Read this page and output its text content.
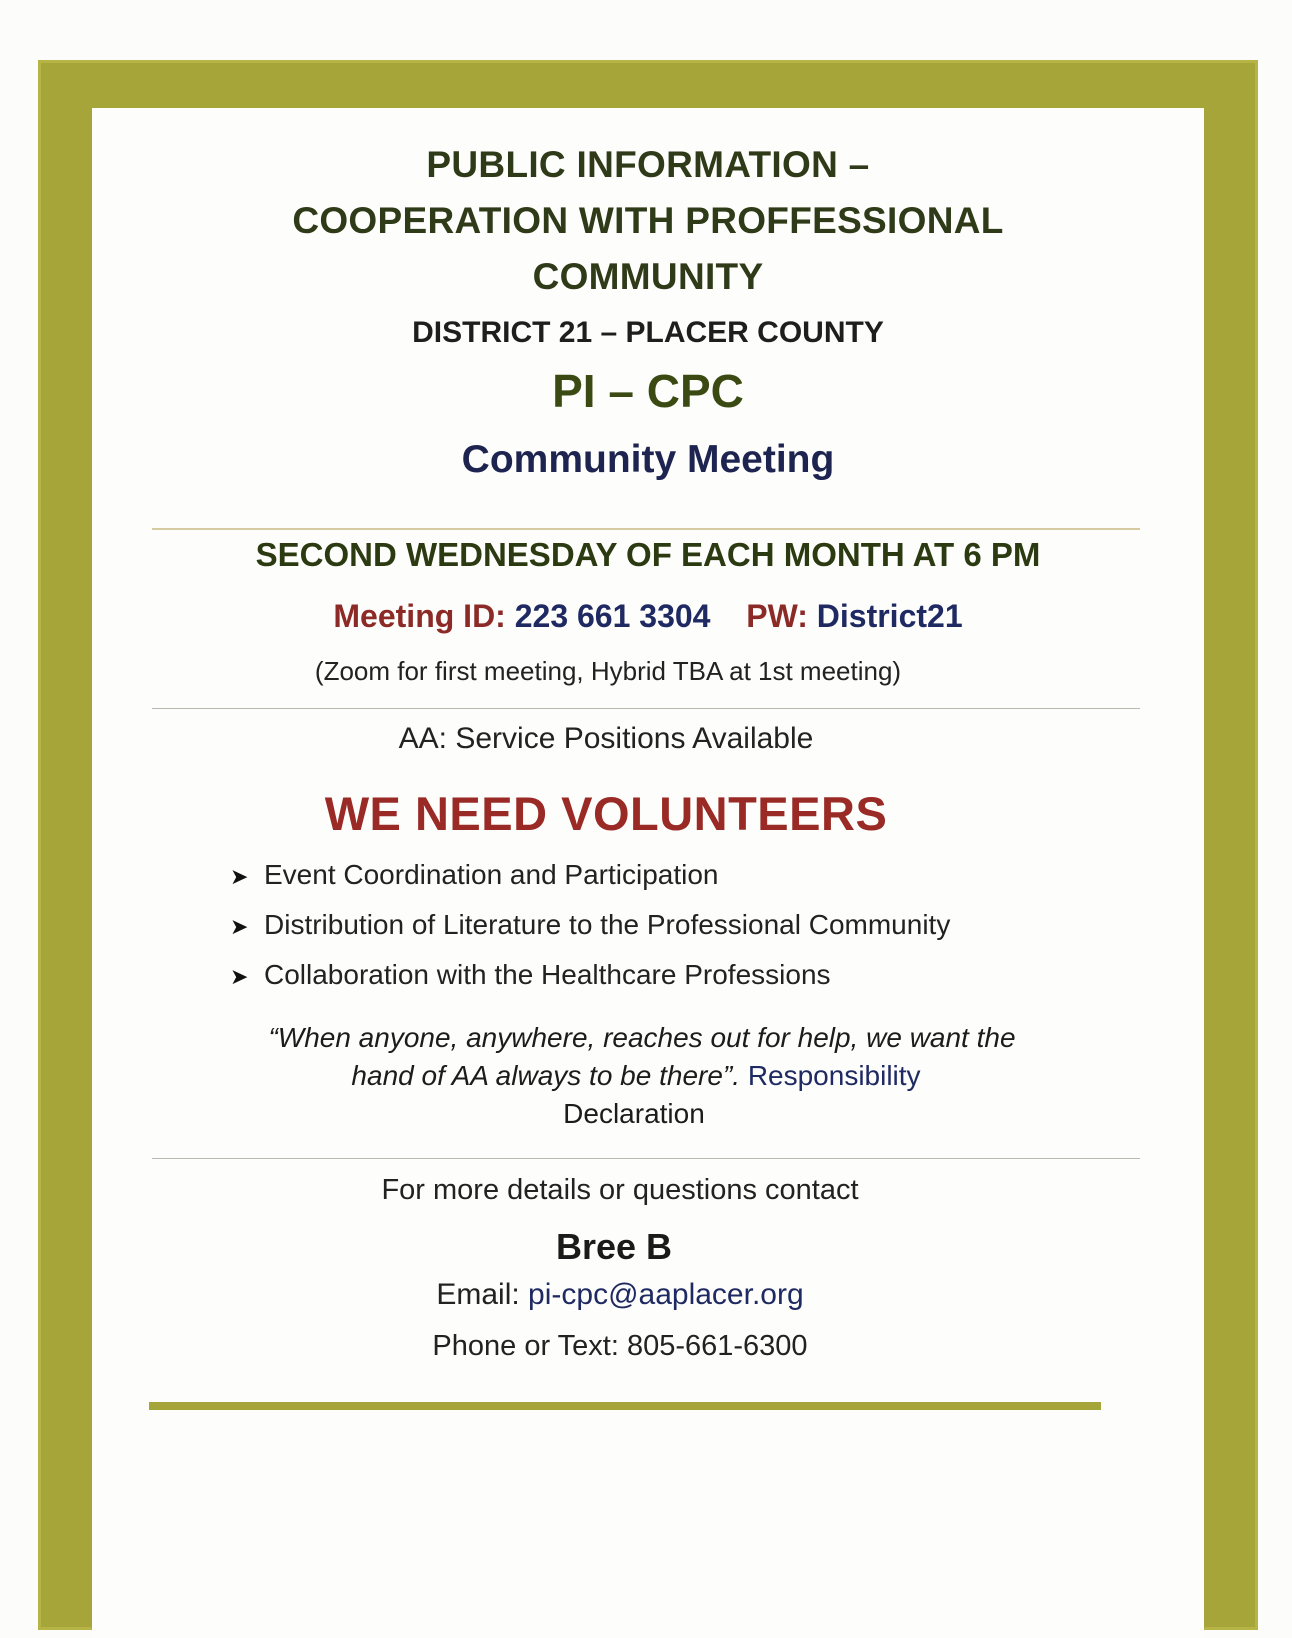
PUBLIC INFORMATION –
COOPERATION WITH PROFFESSIONAL
COMMUNITY
DISTRICT 21 – PLACER COUNTY
PI – CPC
Community Meeting
SECOND WEDNESDAY OF EACH MONTH AT 6 PM
Meeting ID: 223 661 3304 PW: District21
(Zoom for first meeting, Hybrid TBA at 1st meeting)
AA: Service Positions Available
WE NEED VOLUNTEERS
➤ Event Coordination and Participation
➤ Distribution of Literature to the Professional Community
➤ Collaboration with the Healthcare Professions
“When anyone, anywhere, reaches out for help, we want the
hand of AA always to be there”. Responsibility
Declaration
For more details or questions contact
Bree B
Email: pi-cpc@aaplacer.org
Phone or Text: 805-661-6300
